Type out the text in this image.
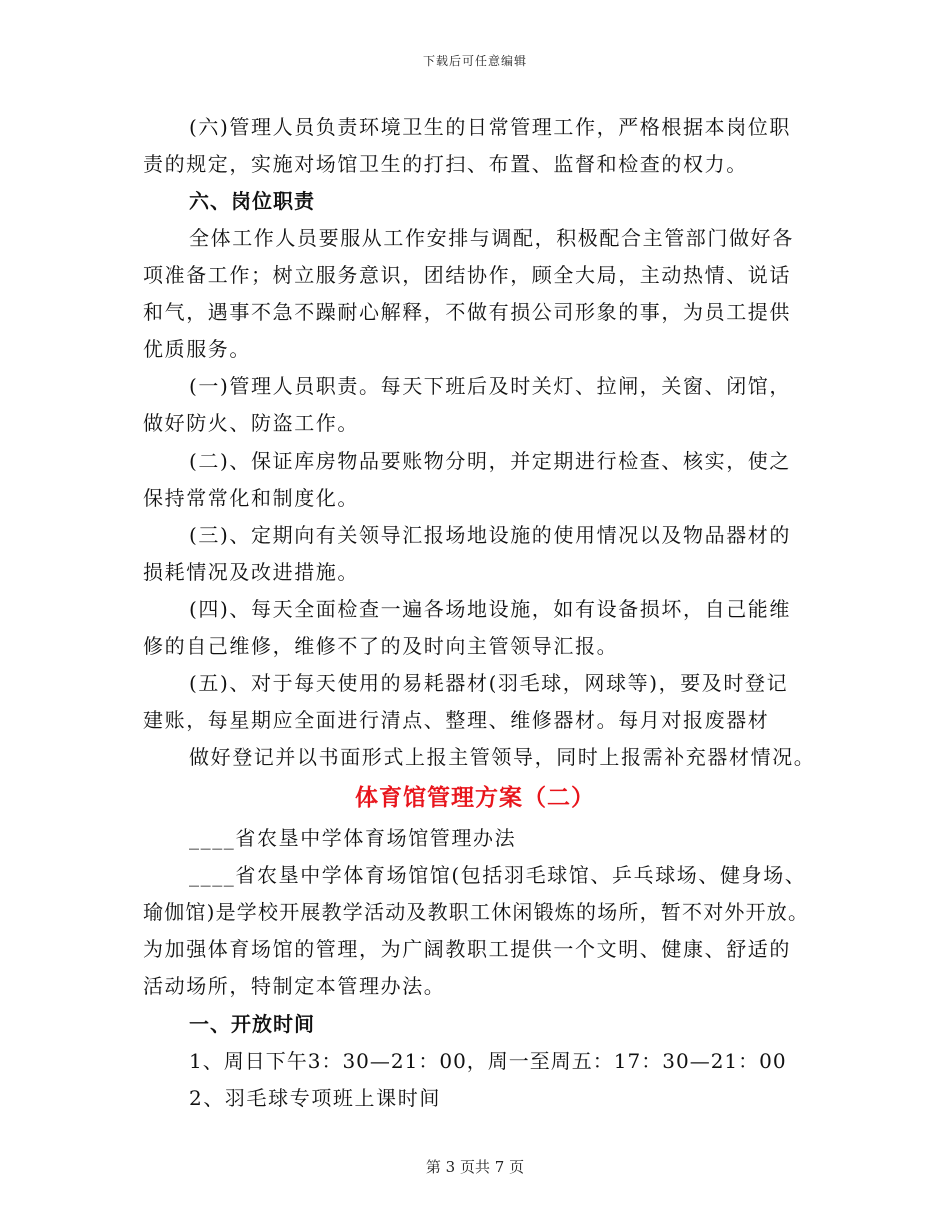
下载后可任意编辑
(六)管理人员负责环境卫生的日常管理工作，严格根据本岗位职
责的规定，实施对场馆卫生的打扫、布置、监督和检查的权力。
六、岗位职责
全体工作人员要服从工作安排与调配，积极配合主管部门做好各
项准备工作；树立服务意识，团结协作，顾全大局，主动热情、说话
和气，遇事不急不躁耐心解释，不做有损公司形象的事，为员工提供
优质服务。
(一)管理人员职责。每天下班后及时关灯、拉闸，关窗、闭馆，
做好防火、防盗工作。
(二)、保证库房物品要账物分明，并定期进行检查、核实，使之
保持常常化和制度化。
(三)、定期向有关领导汇报场地设施的使用情况以及物品器材的
损耗情况及改进措施。
(四)、每天全面检查一遍各场地设施，如有设备损坏，自己能维
修的自己维修，维修不了的及时向主管领导汇报。
(五)、对于每天使用的易耗器材(羽毛球，网球等)，要及时登记
建账，每星期应全面进行清点、整理、维修器材。每月对报废器材
做好登记并以书面形式上报主管领导，同时上报需补充器材情况。
体育馆管理方案（二）
____省农垦中学体育场馆管理办法
____省农垦中学体育场馆馆(包括羽毛球馆、乒乓球场、健身场、
瑜伽馆)是学校开展教学活动及教职工休闲锻炼的场所，暂不对外开放。
为加强体育场馆的管理，为广阔教职工提供一个文明、健康、舒适的
活动场所，特制定本管理办法。
一、开放时间
1、周日下午3：30—21：00，周一至周五：17：30—21：00
2、羽毛球专项班上课时间
第 3 页共 7 页
